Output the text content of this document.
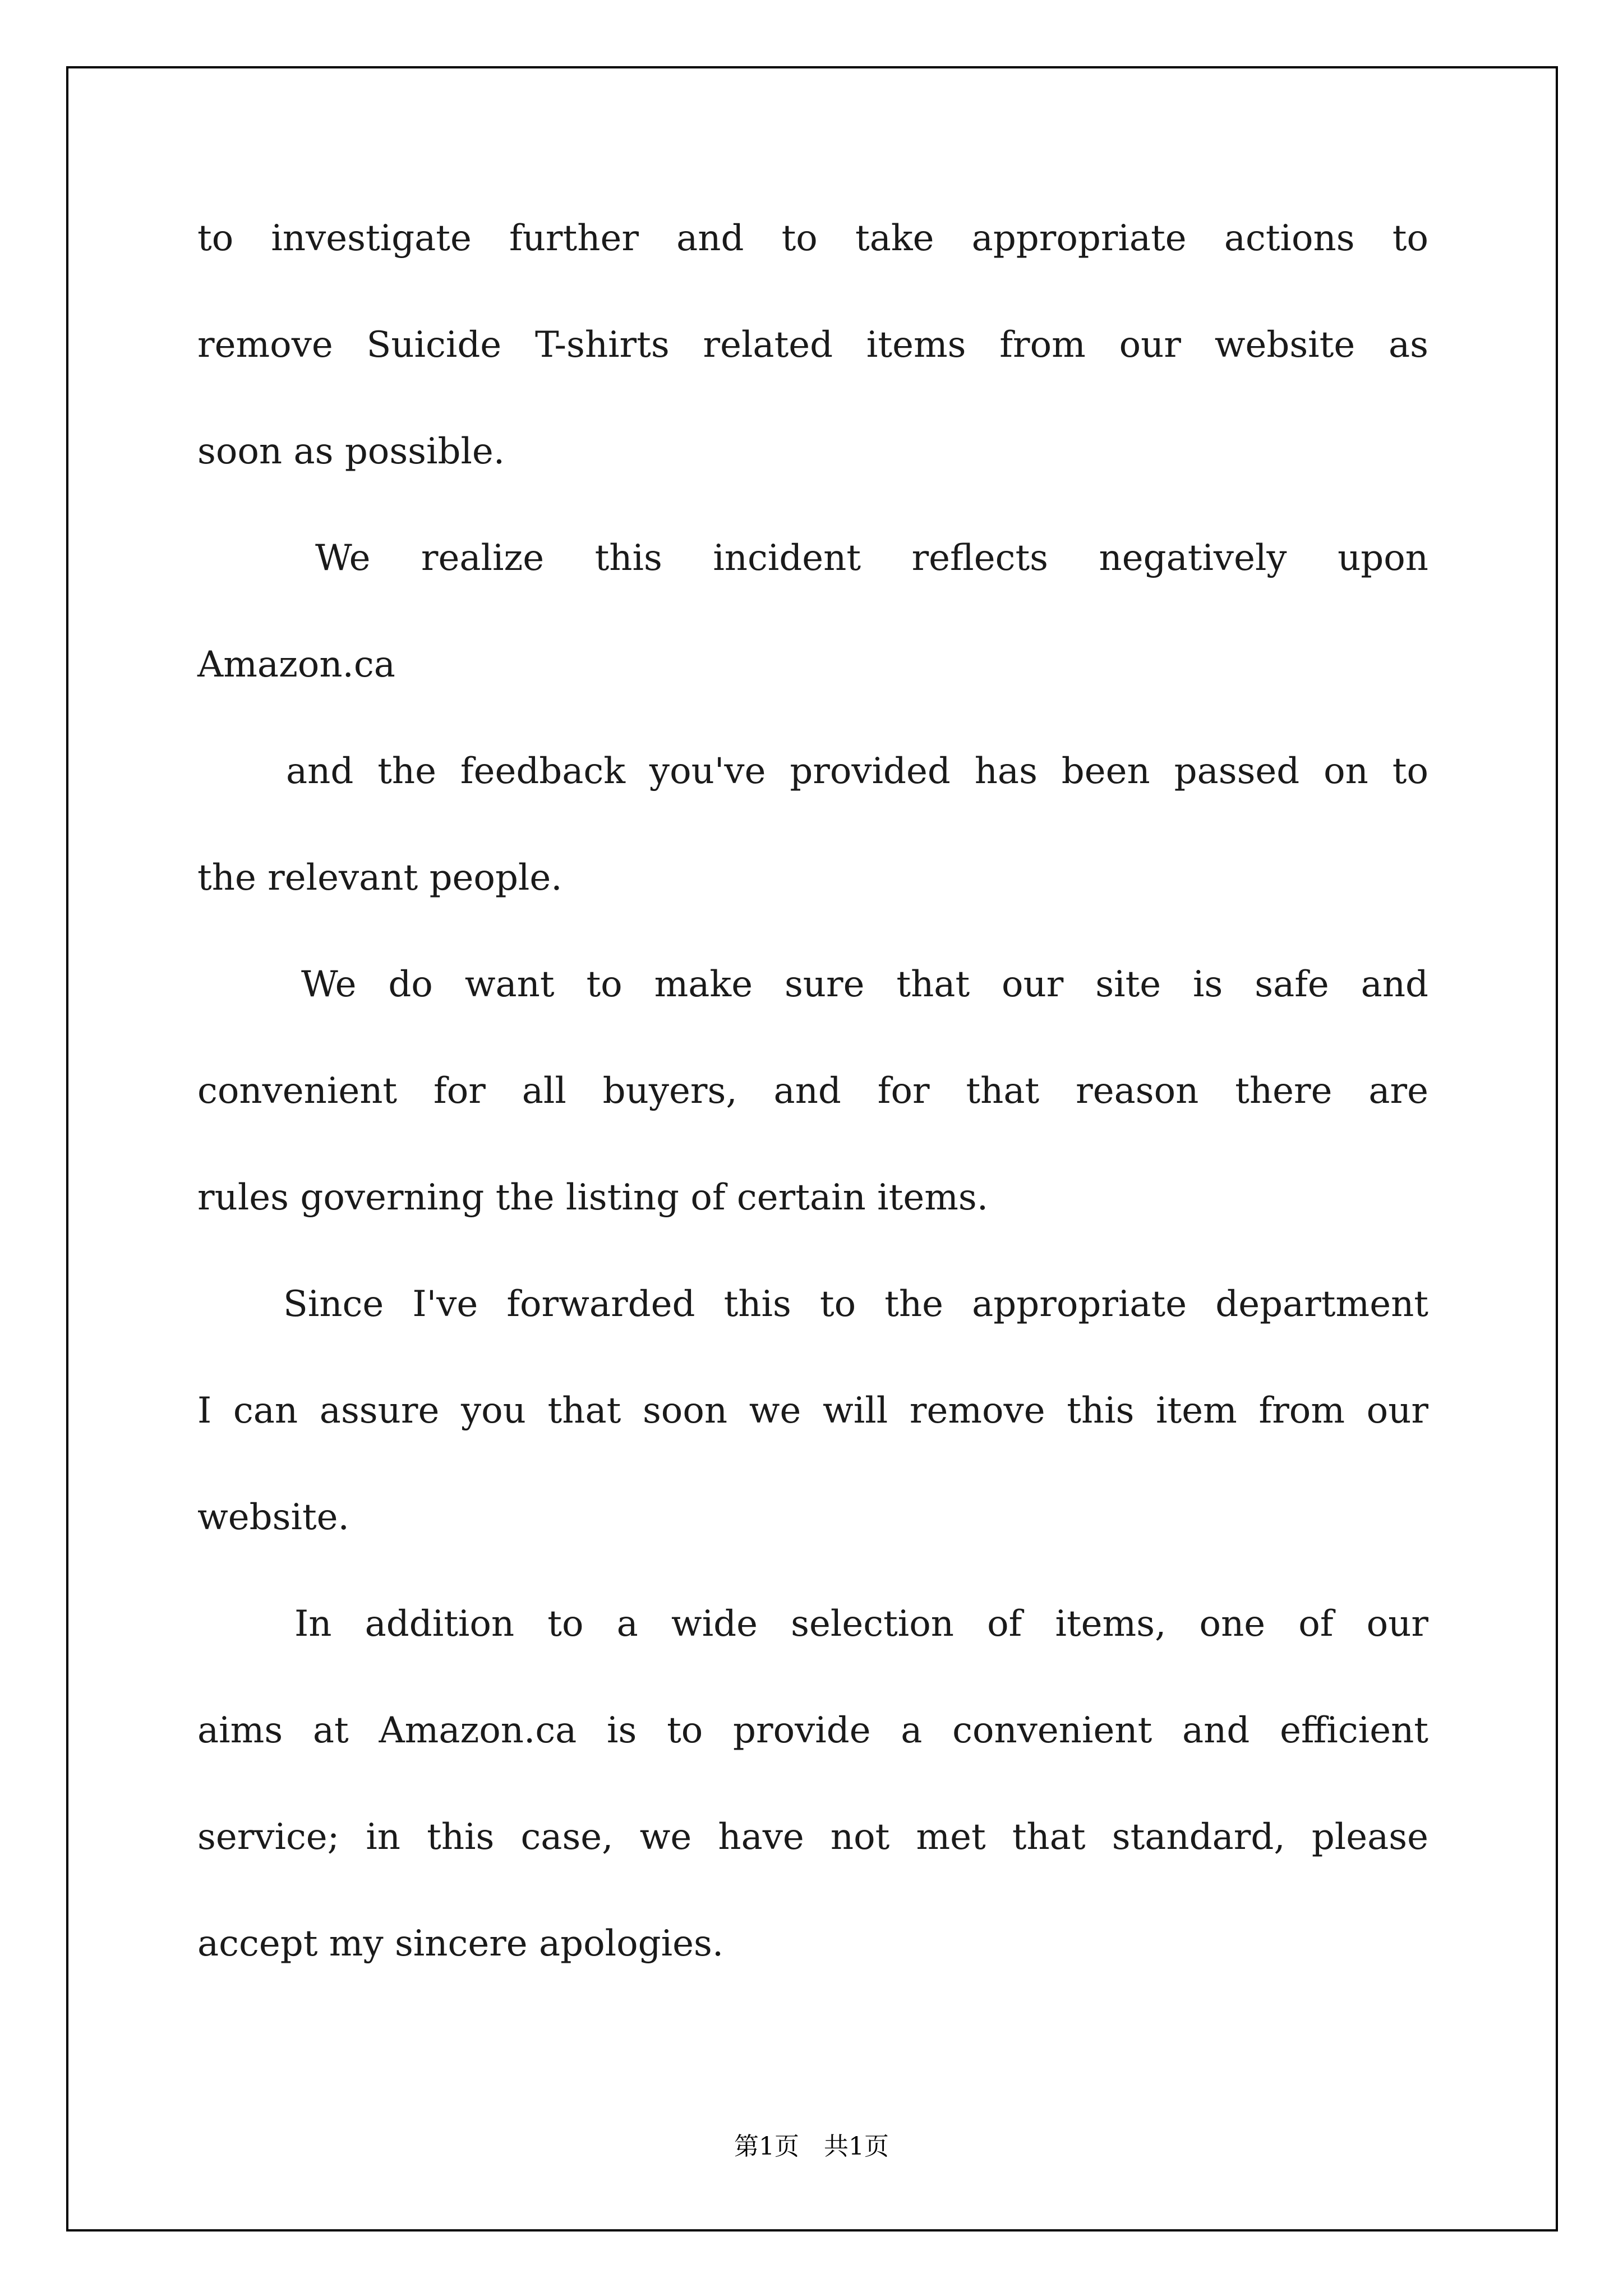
to investigate further and to take appropriate actions to
remove Suicide T-shirts related items from our website as
soon as possible.
We realize this incident reflects negatively upon
Amazon.ca
and the feedback you've provided has been passed on to
the relevant people.
We do want to make sure that our site is safe and
convenient for all buyers, and for that reason there are
rules governing the listing of certain items.
Since I've forwarded this to the appropriate department
I can assure you that soon we will remove this item from our
website.
In addition to a wide selection of items, one of our
aims at Amazon.ca is to provide a convenient and efficient
service; in this case, we have not met that standard, please
accept my sincere apologies.
第1页　共1页
